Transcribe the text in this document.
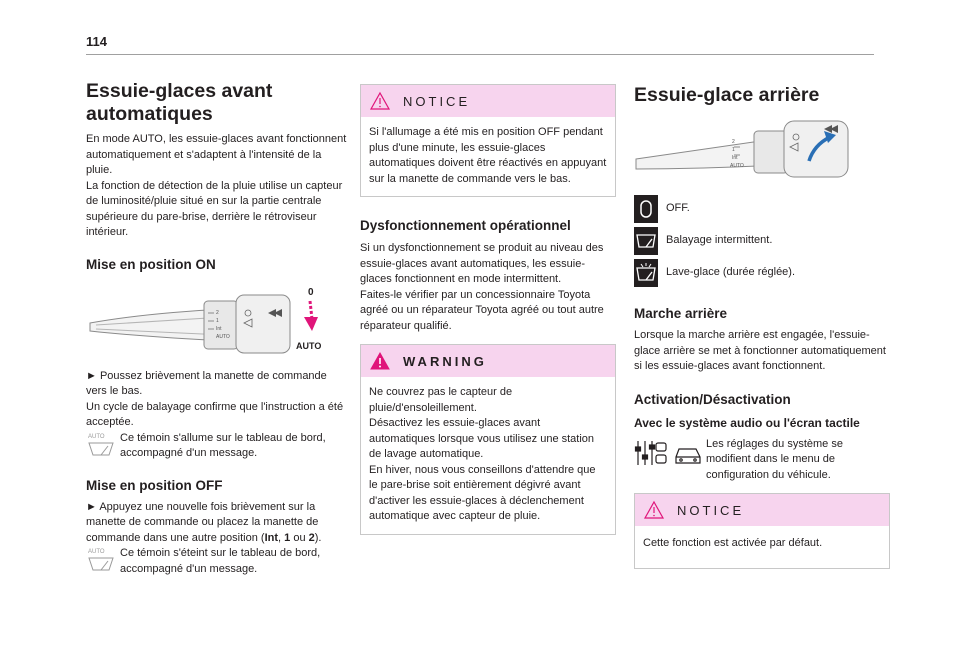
114
Essuie-glaces avant
automatiques

En mode AUTO, les essuie-glaces avant fonctionnent automatiquement et s'adaptent à l'intensité de la pluie.

La fonction de détection de la pluie utilise un capteur de luminosité/pluie situé en sur la partie centrale supérieure du pare-brise, derrière le rétroviseur intérieur.

Mise en position ON
2
1
Int
AUTO
0
AUTO

► Poussez brièvement la manette de commande vers le bas.

Un cycle de balayage confirme que l'instruction a été acceptée.

AUTO Ce témoin s'allume sur le tableau de bord, accompagné d'un message.

Mise en position OFF

► Appuyez une nouvelle fois brièvement sur la manette de commande ou placez la manette de commande dans une autre position (Int, 1 ou 2).

AUTO Ce témoin s'éteint sur le tableau de bord, accompagné d'un message.

NOTICE

Si l'allumage a été mis en position OFF pendant plus d'une minute, les essuie-glaces automatiques doivent être réactivés en appuyant sur la manette de commande vers le bas.

Dysfonctionnement opérationnel

Si un dysfonctionnement se produit au niveau des essuie-glaces avant automatiques, les essuie-glaces fonctionnent en mode intermittent.

Faites-le vérifier par un concessionnaire Toyota agréé ou un réparateur Toyota agréé ou tout autre réparateur qualifié.

WARNING

Ne couvrez pas le capteur de pluie/d'ensoleillement.

Désactivez les essuie-glaces avant automatiques lorsque vous utilisez une station de lavage automatique.

En hiver, nous vous conseillons d'attendre que le pare-brise soit entièrement dégivré avant d'activer les essuie-glaces à déclenchement automatique avec capteur de pluie.

Essuie-glace arrière
2
1
Int
AUTO

OFF.

Balayage intermittent.

Lave-glace (durée réglée).

Marche arrière

Lorsque la marche arrière est engagée, l'essuie-glace arrière se met à fonctionner automatiquement si les essuie-glaces avant fonctionnent.

Activation/Désactivation
Avec le système audio ou l'écran tactile

Les réglages du système se modifient dans le menu de configuration du véhicule.

NOTICE

Cette fonction est activée par défaut.
